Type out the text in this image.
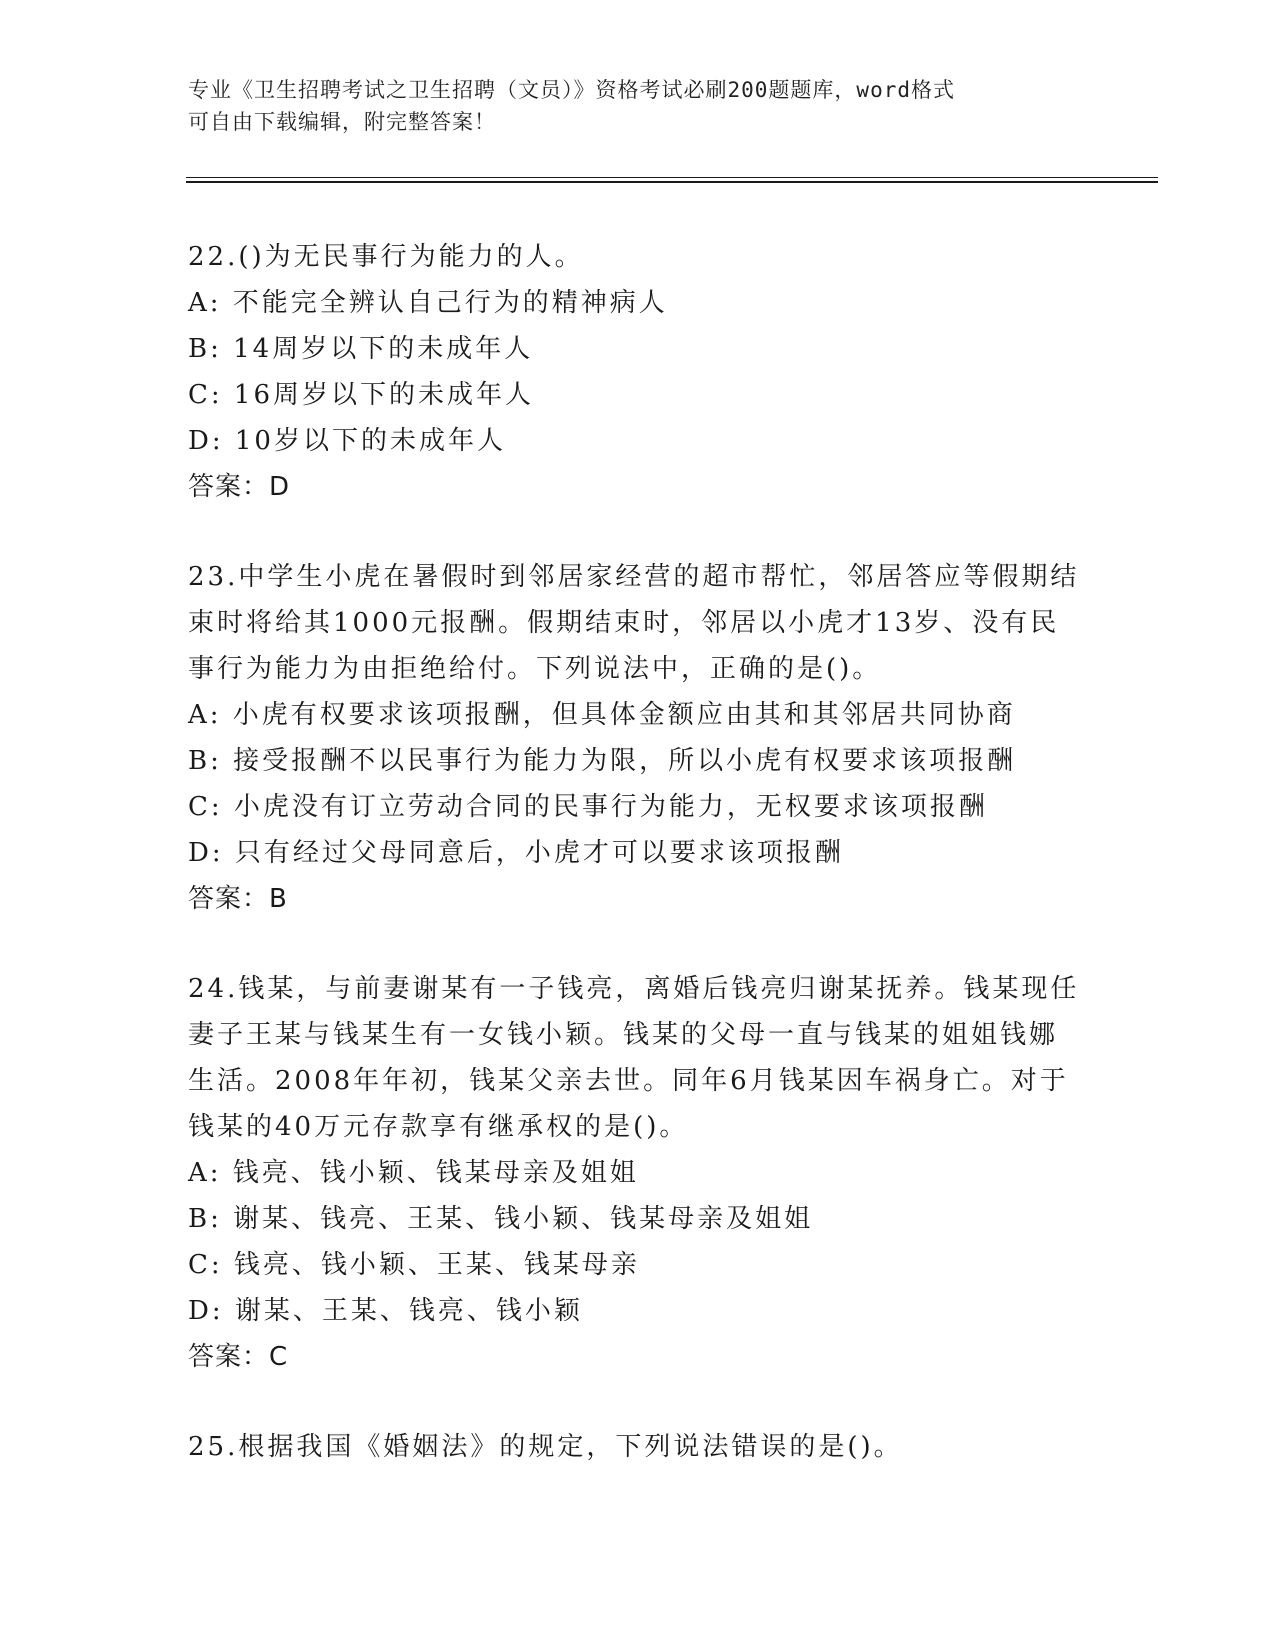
专业《卫生招聘考试之卫生招聘（文员）》资格考试必刷200题题库，word格式
可自由下载编辑，附完整答案！
22.()为无民事行为能力的人。
A: 不能完全辨认自己行为的精神病人
B: 14周岁以下的未成年人
C: 16周岁以下的未成年人
D: 10岁以下的未成年人
答案：D
23.中学生小虎在暑假时到邻居家经营的超市帮忙，邻居答应等假期结
束时将给其1000元报酬。假期结束时，邻居以小虎才13岁、没有民
事行为能力为由拒绝给付。下列说法中，正确的是()。
A: 小虎有权要求该项报酬，但具体金额应由其和其邻居共同协商
B: 接受报酬不以民事行为能力为限，所以小虎有权要求该项报酬
C: 小虎没有订立劳动合同的民事行为能力，无权要求该项报酬
D: 只有经过父母同意后，小虎才可以要求该项报酬
答案：B
24.钱某，与前妻谢某有一子钱亮，离婚后钱亮归谢某抚养。钱某现任
妻子王某与钱某生有一女钱小颖。钱某的父母一直与钱某的姐姐钱娜
生活。2008年年初，钱某父亲去世。同年6月钱某因车祸身亡。对于
钱某的40万元存款享有继承权的是()。
A: 钱亮、钱小颖、钱某母亲及姐姐
B: 谢某、钱亮、王某、钱小颖、钱某母亲及姐姐
C: 钱亮、钱小颖、王某、钱某母亲
D: 谢某、王某、钱亮、钱小颖
答案：C
25.根据我国《婚姻法》的规定，下列说法错误的是()。
